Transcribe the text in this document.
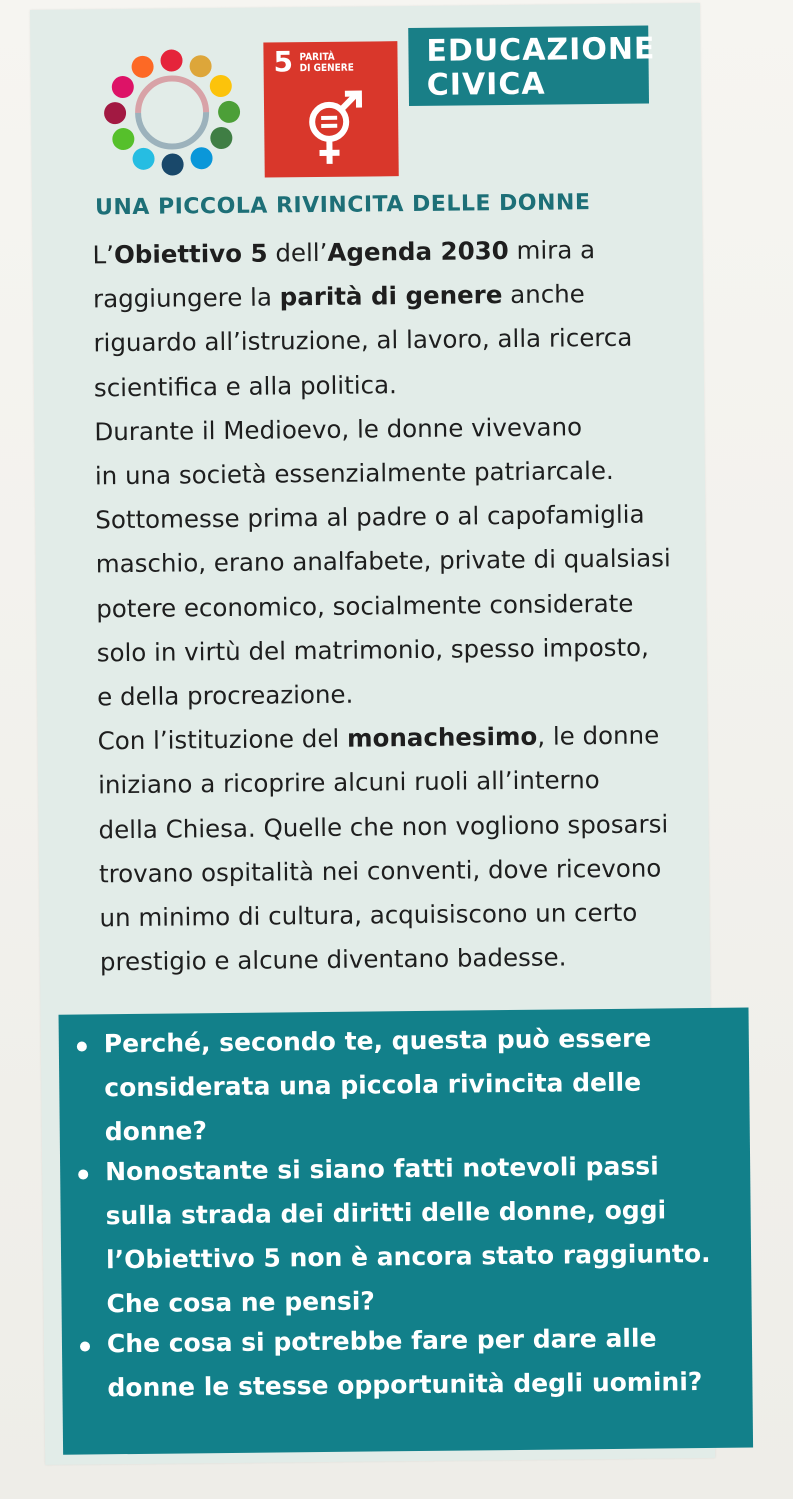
5 PARITÀ
DI GENERE EDUCAZIONE
CIVICA
UNA PICCOLA RIVINCITA DELLE DONNE

L’Obiettivo 5 dell’Agenda 2030 mira a
raggiungere la parità di genere anche
riguardo all’istruzione, al lavoro, alla ricerca
scientifica e alla politica.

Durante il Medioevo, le donne vivevano
in una società essenzialmente patriarcale.
Sottomesse prima al padre o al capofamiglia
maschio, erano analfabete, private di qualsiasi
potere economico, socialmente considerate
solo in virtù del matrimonio, spesso imposto,
e della procreazione.

Con l’istituzione del monachesimo, le donne
iniziano a ricoprire alcuni ruoli all’interno
della Chiesa. Quelle che non vogliono sposarsi
trovano ospitalità nei conventi, dove ricevono
un minimo di cultura, acquisiscono un certo
prestigio e alcune diventano badesse.

Perché, secondo te, questa può essere
considerata una piccola rivincita delle
donne?
Nonostante si siano fatti notevoli passi
sulla strada dei diritti delle donne, oggi
l’Obiettivo 5 non è ancora stato raggiunto.
Che cosa ne pensi?
Che cosa si potrebbe fare per dare alle
donne le stesse opportunità degli uomini?
